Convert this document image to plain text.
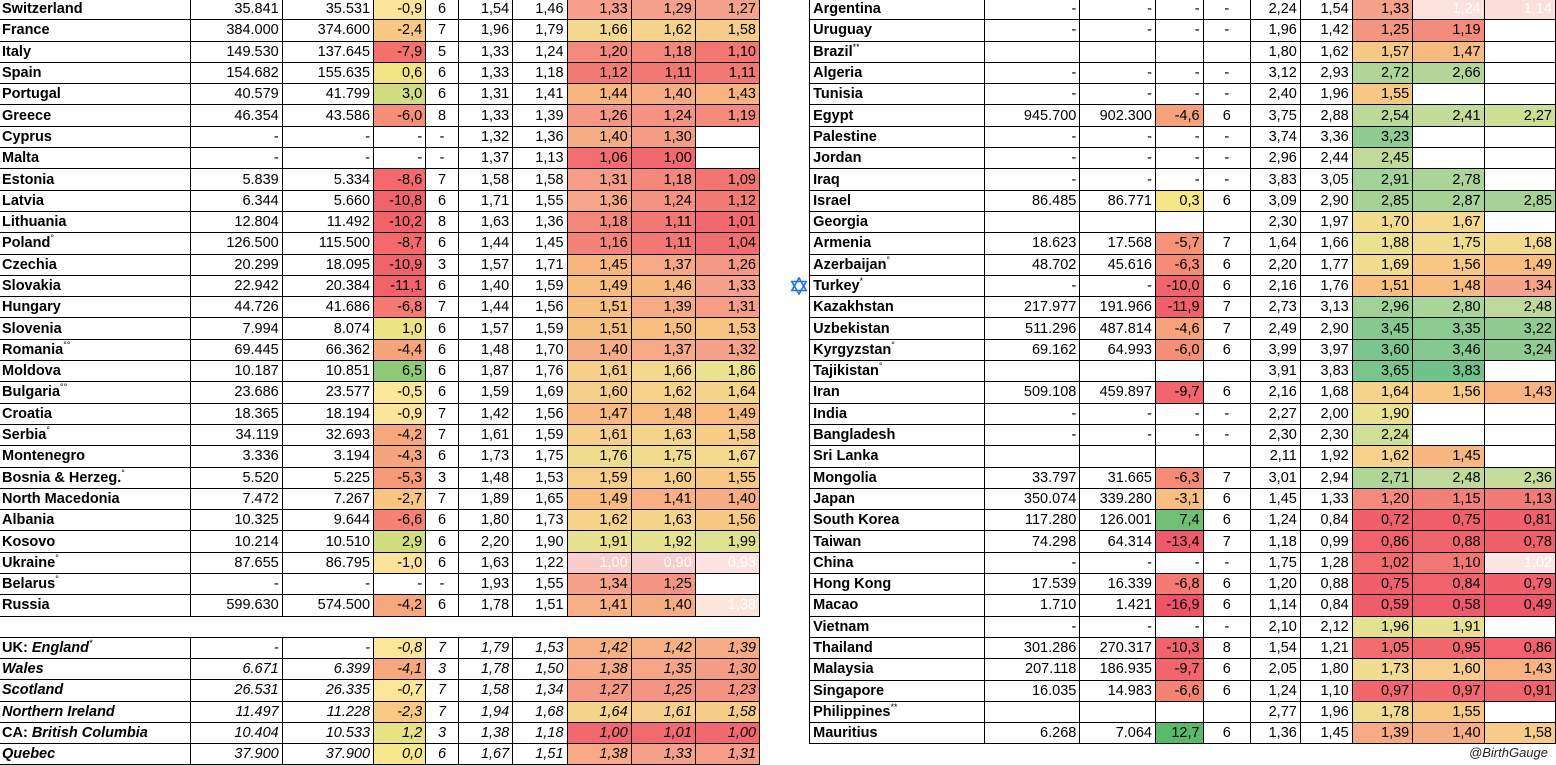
Switzerland	35.841	35.531	-0,9	6	1,54	1,46	1,33	1,29	1,27
France	384.000	374.600	-2,4	7	1,96	1,79	1,66	1,62	1,58
Italy	149.530	137.645	-7,9	5	1,33	1,24	1,20	1,18	1,10
Spain	154.682	155.635	0,6	6	1,33	1,18	1,12	1,11	1,11
Portugal	40.579	41.799	3,0	6	1,31	1,41	1,44	1,40	1,43
Greece	46.354	43.586	-6,0	8	1,33	1,39	1,26	1,24	1,19
Cyprus	-	-	-	-	1,32	1,36	1,40	1,30	
Malta	-	-	-	-	1,37	1,13	1,06	1,00	
Estonia	5.839	5.334	-8,6	7	1,58	1,58	1,31	1,18	1,09
Latvia	6.344	5.660	-10,8	6	1,71	1,55	1,36	1,24	1,12
Lithuania	12.804	11.492	-10,2	8	1,63	1,36	1,18	1,11	1,01
Poland°	126.500	115.500	-8,7	6	1,44	1,45	1,16	1,11	1,04
Czechia	20.299	18.095	-10,9	3	1,57	1,71	1,45	1,37	1,26
Slovakia	22.942	20.384	-11,1	6	1,40	1,59	1,49	1,46	1,33
Hungary	44.726	41.686	-6,8	7	1,44	1,56	1,51	1,39	1,31
Slovenia	7.994	8.074	1,0	6	1,57	1,59	1,51	1,50	1,53
Romania°°	69.445	66.362	-4,4	6	1,48	1,70	1,40	1,37	1,32
Moldova	10.187	10.851	6,5	6	1,87	1,76	1,61	1,66	1,86
Bulgaria°°	23.686	23.577	-0,5	6	1,59	1,69	1,60	1,62	1,64
Croatia	18.365	18.194	-0,9	7	1,42	1,56	1,47	1,48	1,49
Serbia°	34.119	32.693	-4,2	7	1,61	1,59	1,61	1,63	1,58
Montenegro	3.336	3.194	-4,3	6	1,73	1,75	1,76	1,75	1,67
Bosnia & Herzeg.°	5.520	5.225	-5,3	3	1,48	1,53	1,59	1,60	1,55
North Macedonia	7.472	7.267	-2,7	7	1,89	1,65	1,49	1,41	1,40
Albania	10.325	9.644	-6,6	6	1,80	1,73	1,62	1,63	1,56
Kosovo	10.214	10.510	2,9	6	2,20	1,90	1,91	1,92	1,99
Ukraine°	87.655	86.795	-1,0	6	1,63	1,22	1,00	0,90	0,93
Belarus°	-	-	-	-	1,93	1,55	1,34	1,25	
Russia	599.630	574.500	-4,2	6	1,78	1,51	1,41	1,40	1,38

UK: England*	-	-	-0,8	7	1,79	1,53	1,42	1,42	1,39
Wales	6.671	6.399	-4,1	3	1,78	1,50	1,38	1,35	1,30
Scotland	26.531	26.335	-0,7	7	1,58	1,34	1,27	1,25	1,23
Northern Ireland	11.497	11.228	-2,3	7	1,94	1,68	1,64	1,61	1,58
CA: British Columbia	10.404	10.533	1,2	3	1,38	1,18	1,00	1,01	1,00
Quebec	37.900	37.900	0,0	6	1,67	1,51	1,38	1,33	1,31
	Argentina	-	-	-	-	2,24	1,54	1,33	1,24	1,14
	Uruguay	-	-	-	-	1,96	1,42	1,25	1,19	
	Brazil**					1,80	1,62	1,57	1,47	
	Algeria	-	-	-	-	3,12	2,93	2,72	2,66	
	Tunisia	-	-	-	-	2,40	1,96	1,55		
	Egypt	945.700	902.300	-4,6	6	3,75	2,88	2,54	2,41	2,27
	Palestine	-	-	-	-	3,74	3,36	3,23		
	Jordan	-	-	-	-	2,96	2,44	2,45		
	Iraq	-	-	-	-	3,83	3,05	2,91	2,78	
	Israel	86.485	86.771	0,3	6	3,09	2,90	2,85	2,87	2,85
	Georgia					2,30	1,97	1,70	1,67	
	Armenia	18.623	17.568	-5,7	7	1,64	1,66	1,88	1,75	1,68
	Azerbaijan°	48.702	45.616	-6,3	6	2,20	1,77	1,69	1,56	1,49
	Turkey*	-	-	-10,0	6	2,16	1,76	1,51	1,48	1,34
	Kazakhstan	217.977	191.966	-11,9	7	2,73	3,13	2,96	2,80	2,48
	Uzbekistan	511.296	487.814	-4,6	7	2,49	2,90	3,45	3,35	3,22
	Kyrgyzstan°	69.162	64.993	-6,0	6	3,99	3,97	3,60	3,46	3,24
	Tajikistan°					3,91	3,83	3,65	3,83	
	Iran	509.108	459.897	-9,7	6	2,16	1,68	1,64	1,56	1,43
	India	-	-	-	-	2,27	2,00	1,90		
	Bangladesh	-	-	-	-	2,30	2,30	2,24		
	Sri Lanka					2,11	1,92	1,62	1,45	
	Mongolia	33.797	31.665	-6,3	7	3,01	2,94	2,71	2,48	2,36
	Japan	350.074	339.280	-3,1	6	1,45	1,33	1,20	1,15	1,13
	South Korea	117.280	126.001	7,4	6	1,24	0,84	0,72	0,75	0,81
	Taiwan	74.298	64.314	-13,4	7	1,18	0,99	0,86	0,88	0,78
	China	-	-	-	-	1,75	1,28	1,02	1,10	1,02
	Hong Kong	17.539	16.339	-6,8	6	1,20	0,88	0,75	0,84	0,79
	Macao	1.710	1.421	-16,9	6	1,14	0,84	0,59	0,58	0,49
	Vietnam	-	-	-	-	2,10	2,12	1,96	1,91	
	Thailand	301.286	270.317	-10,3	8	1,54	1,21	1,05	0,95	0,86
	Malaysia	207.118	186.935	-9,7	6	2,05	1,80	1,73	1,60	1,43
	Singapore	16.035	14.983	-6,6	6	1,24	1,10	0,97	0,97	0,91
	Philippines**					2,77	1,96	1,78	1,55	
	Mauritius	6.268	7.064	12,7	6	1,36	1,45	1,39	1,40	1,58
@BirthGauge
